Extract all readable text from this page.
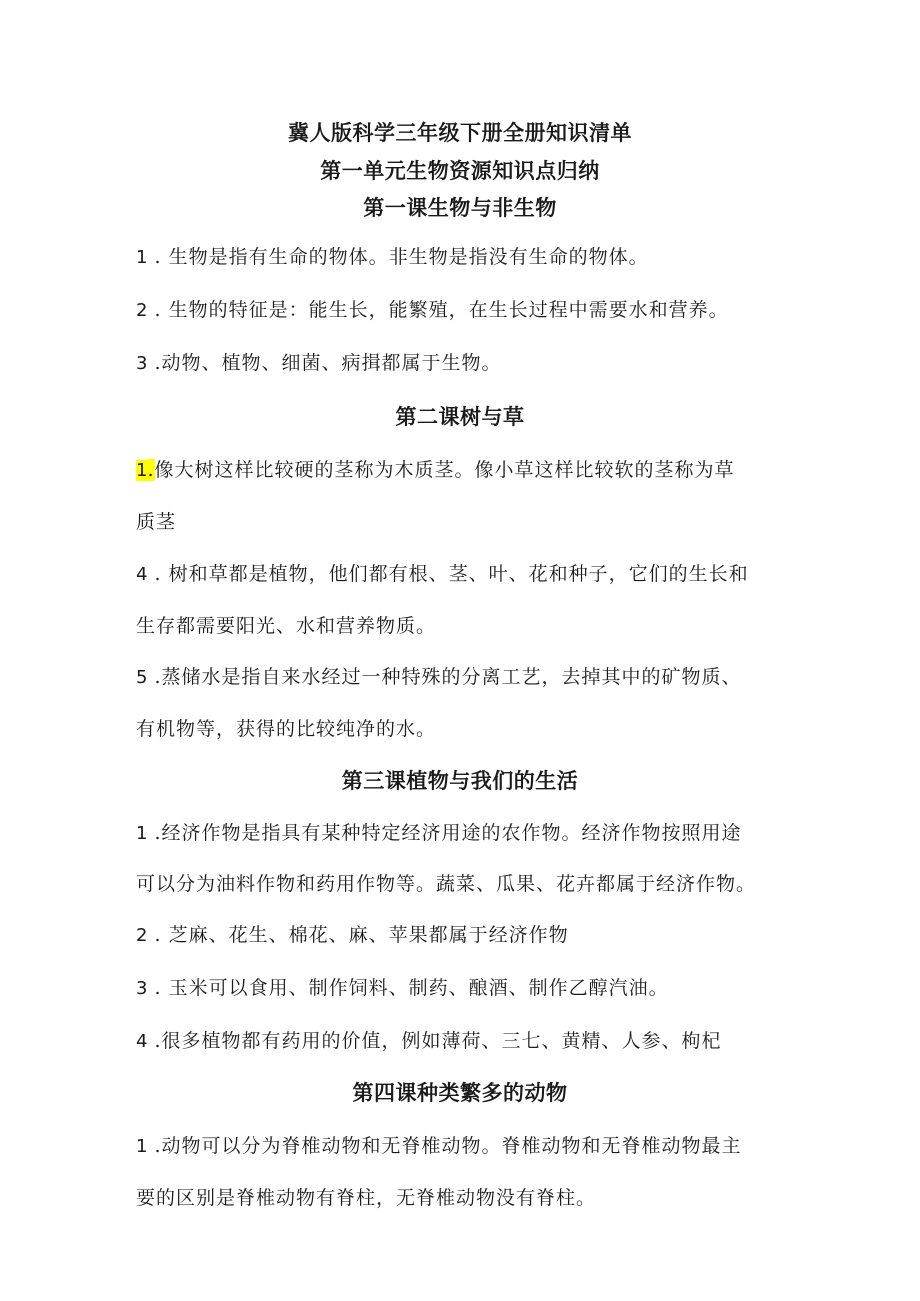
冀人版科学三年级下册全册知识清单
第一单元生物资源知识点归纳
第一课生物与非生物
1 . 生物是指有生命的物体。非生物是指没有生命的物体。
2 . 生物的特征是：能生长，能繁殖，在生长过程中需要水和营养。
3 .动物、植物、细菌、病揖都属于生物。
第二课树与草
1.像大树这样比较硬的茎称为木质茎。像小草这样比较软的茎称为草
质茎
4 . 树和草都是植物，他们都有根、茎、叶、花和种子，它们的生长和
生存都需要阳光、水和营养物质。
5 .蒸储水是指自来水经过一种特殊的分离工艺，去掉其中的矿物质、
有机物等，获得的比较纯净的水。
第三课植物与我们的生活
1 .经济作物是指具有某种特定经济用途的农作物。经济作物按照用途
可以分为油料作物和药用作物等。蔬菜、瓜果、花卉都属于经济作物。
2 . 芝麻、花生、棉花、麻、苹果都属于经济作物
3 . 玉米可以食用、制作饲料、制药、酿酒、制作乙醇汽油。
4 .很多植物都有药用的价值，例如薄荷、三七、黄精、人参、枸杞
第四课种类繁多的动物
1 .动物可以分为脊椎动物和无脊椎动物。脊椎动物和无脊椎动物最主
要的区别是脊椎动物有脊柱，无脊椎动物没有脊柱。
